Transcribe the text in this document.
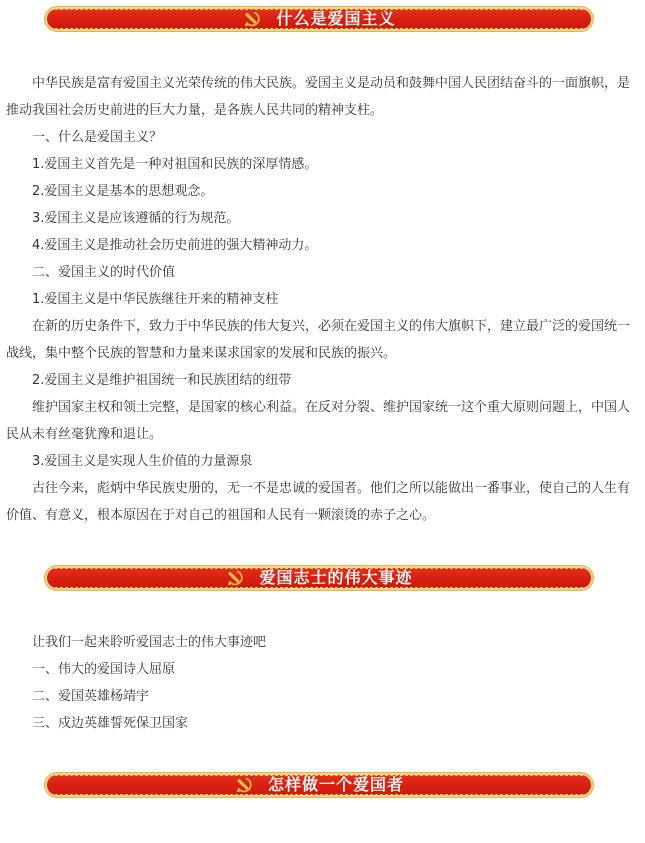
什么是爱国主义

中华民族是富有爱国主义光荣传统的伟大民族。爱国主义是动员和鼓舞中国人民团结奋斗的一面旗帜，是推动我国社会历史前进的巨大力量，是各族人民共同的精神支柱。

一、什么是爱国主义？

1.爱国主义首先是一种对祖国和民族的深厚情感。

2.爱国主义是基本的思想观念。

3.爱国主义是应该遵循的行为规范。

4.爱国主义是推动社会历史前进的强大精神动力。

二、爱国主义的时代价值

1.爱国主义是中华民族继往开来的精神支柱

在新的历史条件下，致力于中华民族的伟大复兴，必须在爱国主义的伟大旗帜下，建立最广泛的爱国统一战线，集中整个民族的智慧和力量来谋求国家的发展和民族的振兴。

2.爱国主义是维护祖国统一和民族团结的纽带

维护国家主权和领土完整，是国家的核心利益。在反对分裂、维护国家统一这个重大原则问题上，中国人民从未有丝毫犹豫和退让。

3.爱国主义是实现人生价值的力量源泉

古往今来，彪炳中华民族史册的，无一不是忠诚的爱国者。他们之所以能做出一番事业，使自己的人生有价值、有意义，根本原因在于对自己的祖国和人民有一颗滚烫的赤子之心。

爱国志士的伟大事迹

让我们一起来聆听爱国志士的伟大事迹吧

一、伟大的爱国诗人屈原

二、爱国英雄杨靖宇

三、戍边英雄誓死保卫国家

怎样做一个爱国者
